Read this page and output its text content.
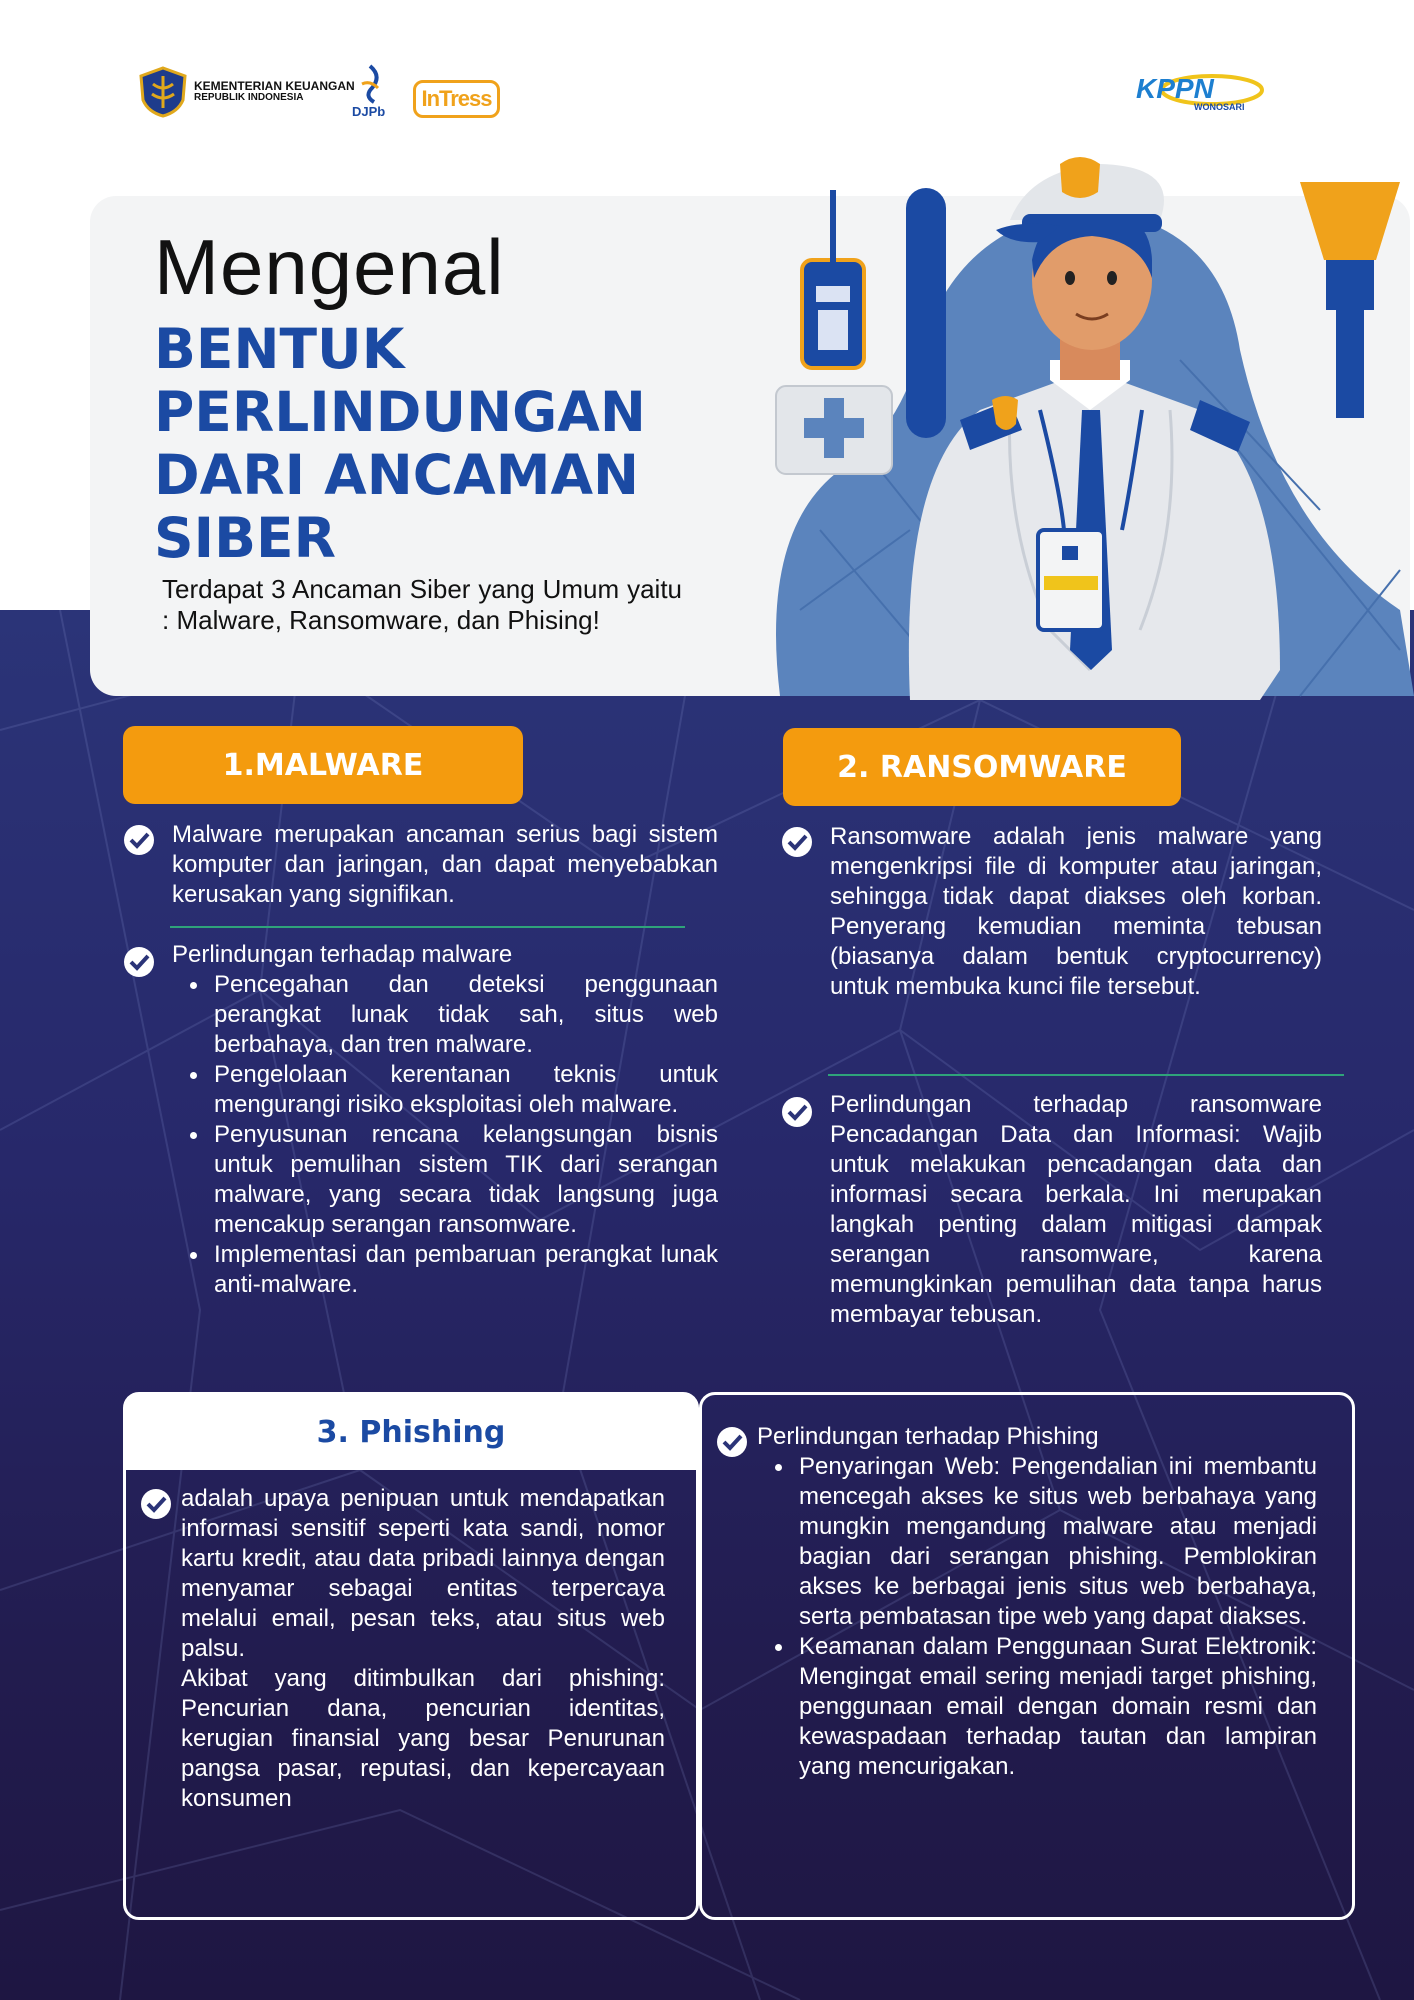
KEMENTERIAN KEUANGAN
REPUBLIK INDONESIA
DJPb
InTress	KPPN
WONOSARI
Mengenal
BENTUK
PERLINDUNGAN
DARI ANCAMAN
SIBER
Terdapat 3 Ancaman Siber yang Umum yaitu : Malware, Ransomware, dan Phising!
1.MALWARE
Malware merupakan ancaman serius bagi sistem komputer dan jaringan, dan dapat menyebabkan kerusakan yang signifikan.
Perlindungan terhadap malware
Pencegahan dan deteksi penggunaan perangkat lunak tidak sah, situs web berbahaya, dan tren malware.
Pengelolaan kerentanan teknis untuk mengurangi risiko eksploitasi oleh malware.
Penyusunan rencana kelangsungan bisnis untuk pemulihan sistem TIK dari serangan malware, yang secara tidak langsung juga mencakup serangan ransomware.
Implementasi dan pembaruan perangkat lunak anti-malware.
2. RANSOMWARE
Ransomware adalah jenis malware yang mengenkripsi file di komputer atau jaringan, sehingga tidak dapat diakses oleh korban. Penyerang kemudian meminta tebusan (biasanya dalam bentuk cryptocurrency) untuk membuka kunci file tersebut.
Perlindungan terhadap ransomware Pencadangan Data dan Informasi: Wajib untuk melakukan pencadangan data dan informasi secara berkala. Ini merupakan langkah penting dalam mitigasi dampak serangan ransomware, karena memungkinkan pemulihan data tanpa harus membayar tebusan.
3. Phishing
adalah upaya penipuan untuk mendapatkan informasi sensitif seperti kata sandi, nomor kartu kredit, atau data pribadi lainnya dengan menyamar sebagai entitas terpercaya melalui email, pesan teks, atau situs web palsu.
Akibat yang ditimbulkan dari phishing: Pencurian dana, pencurian identitas, kerugian finansial yang besar Penurunan pangsa pasar, reputasi, dan kepercayaan konsumen
Perlindungan terhadap Phishing
Penyaringan Web: Pengendalian ini membantu mencegah akses ke situs web berbahaya yang mungkin mengandung malware atau menjadi bagian dari serangan phishing. Pemblokiran akses ke berbagai jenis situs web berbahaya, serta pembatasan tipe web yang dapat diakses.
Keamanan dalam Penggunaan Surat Elektronik: Mengingat email sering menjadi target phishing, penggunaan email dengan domain resmi dan kewaspadaan terhadap tautan dan lampiran yang mencurigakan.
